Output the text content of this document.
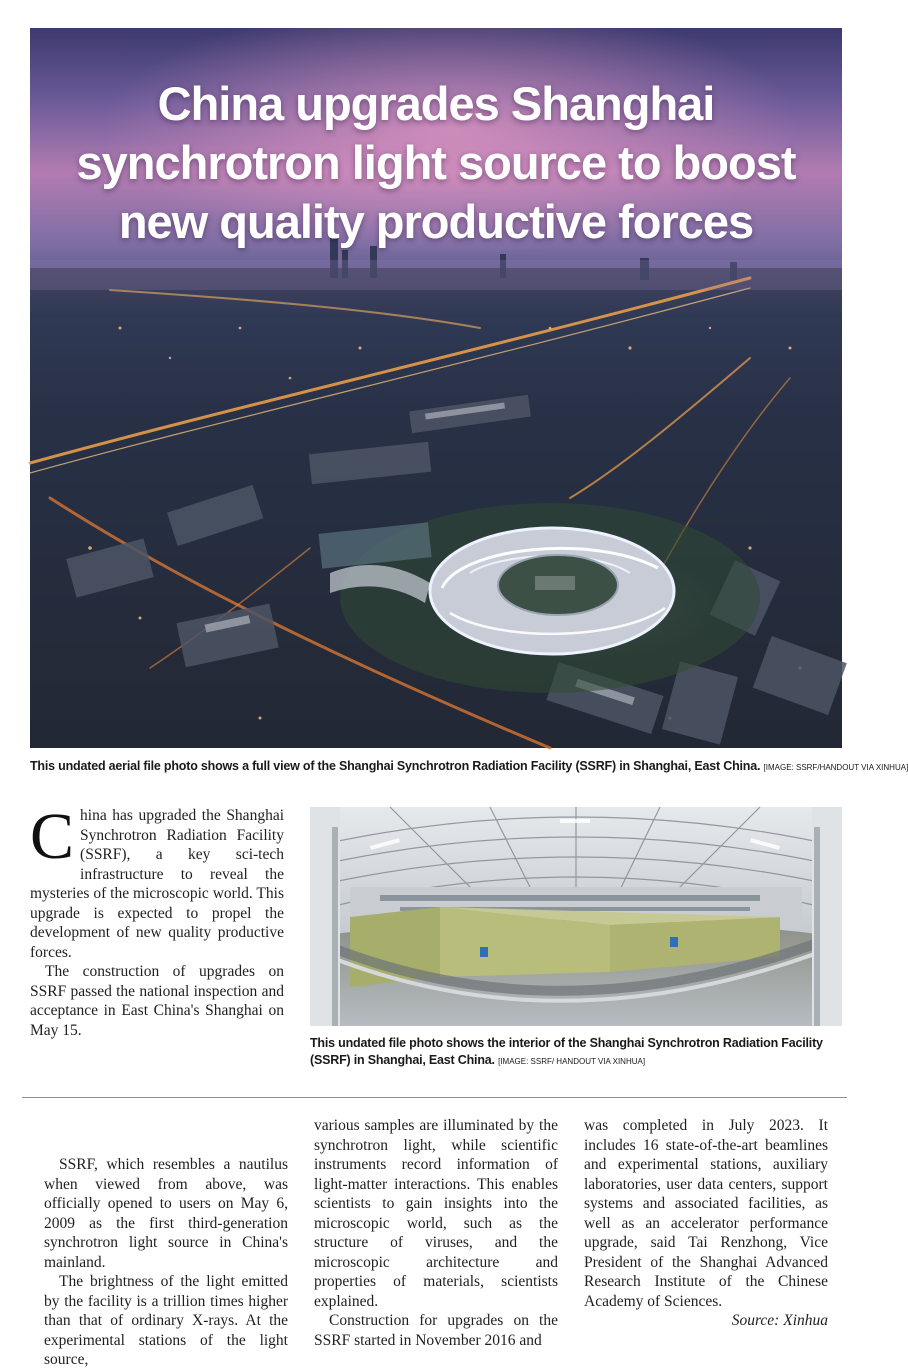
China upgrades Shanghai synchrotron light source to boost new quality productive forces

This undated aerial file photo shows a full view of the Shanghai Synchrotron Radiation Facility (SSRF) in Shanghai, East China. [IMAGE: SSRF/HANDOUT VIA XINHUA]

China has upgraded the Shanghai Synchrotron Radiation Facility (SSRF), a key sci-tech infrastructure to reveal the mysteries of the microscopic world. This upgrade is expected to propel the development of new quality productive forces.

The construction of upgrades on SSRF passed the national inspection and acceptance in East China's Shanghai on May 15.

This undated file photo shows the interior of the Shanghai Synchrotron Radiation Facility (SSRF) in Shanghai, East China. [IMAGE: SSRF/ HANDOUT VIA XINHUA]

SSRF, which resembles a nautilus when viewed from above, was officially opened to users on May 6, 2009 as the first third-generation synchrotron light source in China's mainland.

The brightness of the light emitted by the facility is a trillion times higher than that of ordinary X-rays. At the experimental stations of the light source,

various samples are illuminated by the synchrotron light, while scientific instruments record information of light-matter interactions. This enables scientists to gain insights into the microscopic world, such as the structure of viruses, and the microscopic architecture and properties of materials, scientists explained.

Construction for upgrades on the SSRF started in November 2016 and

was completed in July 2023. It includes 16 state-of-the-art beamlines and experimental stations, auxiliary laboratories, user data centers, support systems and associated facilities, as well as an accelerator performance upgrade, said Tai Renzhong, Vice President of the Shanghai Advanced Research Institute of the Chinese Academy of Sciences.

Source: Xinhua
